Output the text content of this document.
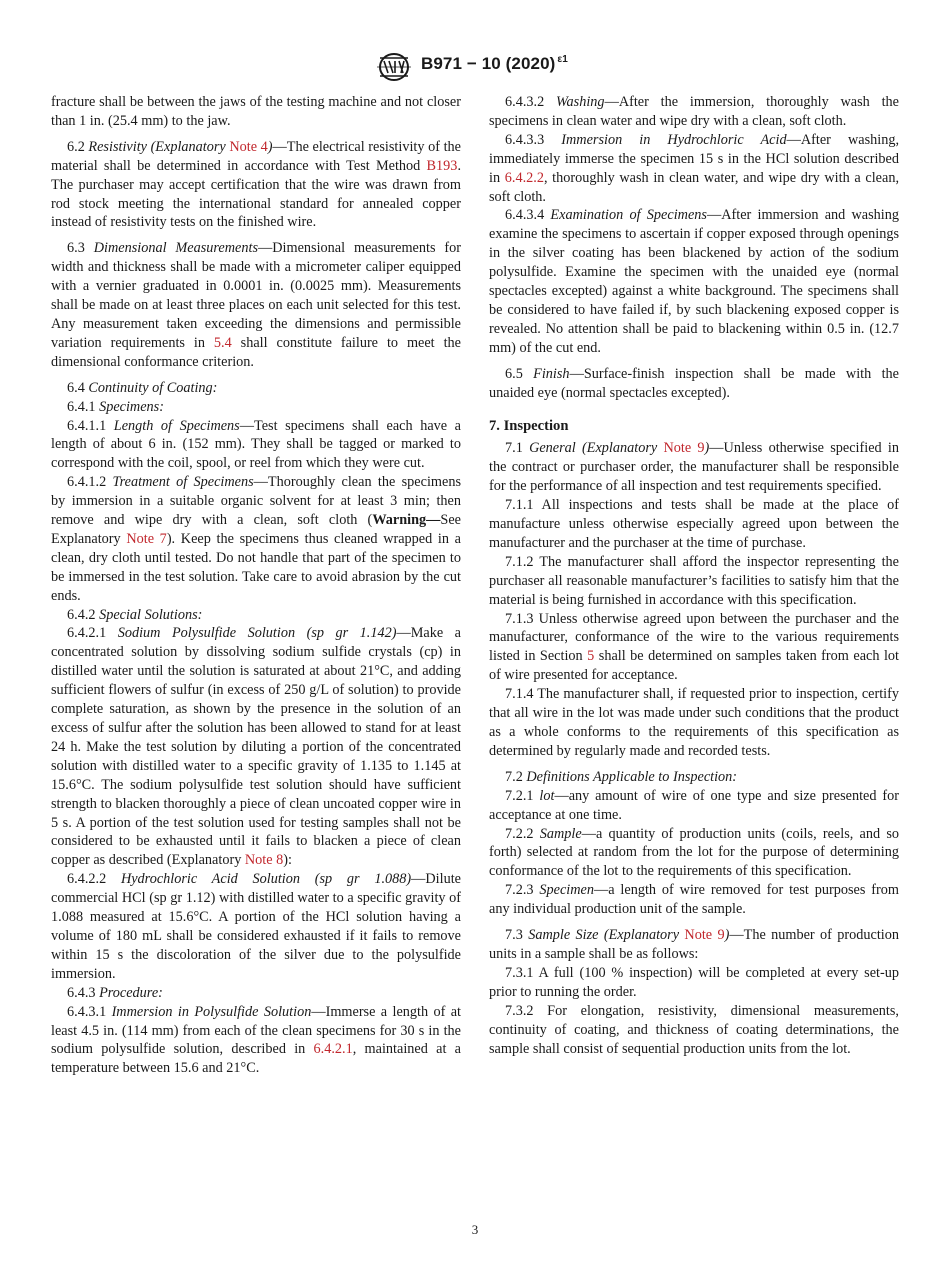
B971 − 10 (2020) $^{\varepsilon 1}$

fracture shall be between the jaws of the testing machine and not closer than 1 in. (25.4 mm) to the jaw.

6.2 Resistivity (Explanatory Note 4)—The electrical resistivity of the material shall be determined in accordance with Test Method B193. The purchaser may accept certification that the wire was drawn from rod stock meeting the international standard for annealed copper instead of resistivity tests on the finished wire.

6.3 Dimensional Measurements—Dimensional measurements for width and thickness shall be made with a micrometer caliper equipped with a vernier graduated in 0.0001 in. (0.0025 mm). Measurements shall be made on at least three places on each unit selected for this test. Any measurement taken exceeding the dimensions and permissible variation requirements in 5.4 shall constitute failure to meet the dimensional conformance criterion.

6.4 Continuity of Coating:

6.4.1 Specimens:

6.4.1.1 Length of Specimens—Test specimens shall each have a length of about 6 in. (152 mm). They shall be tagged or marked to correspond with the coil, spool, or reel from which they were cut.

6.4.1.2 Treatment of Specimens—Thoroughly clean the specimens by immersion in a suitable organic solvent for at least 3 min; then remove and wipe dry with a clean, soft cloth (Warning—See Explanatory Note 7). Keep the specimens thus cleaned wrapped in a clean, dry cloth until tested. Do not handle that part of the specimen to be immersed in the test solution. Take care to avoid abrasion by the cut ends.

6.4.2 Special Solutions:

6.4.2.1 Sodium Polysulfide Solution (sp gr 1.142)—Make a concentrated solution by dissolving sodium sulfide crystals (cp) in distilled water until the solution is saturated at about 21°C, and adding sufficient flowers of sulfur (in excess of 250 g/L of solution) to provide complete saturation, as shown by the presence in the solution of an excess of sulfur after the solution has been allowed to stand for at least 24 h. Make the test solution by diluting a portion of the concentrated solution with distilled water to a specific gravity of 1.135 to 1.145 at 15.6°C. The sodium polysulfide test solution should have sufficient strength to blacken thoroughly a piece of clean uncoated copper wire in 5 s. A portion of the test solution used for testing samples shall not be considered to be exhausted until it fails to blacken a piece of clean copper as described (Explanatory Note 8):

6.4.2.2 Hydrochloric Acid Solution (sp gr 1.088)—Dilute commercial HCl (sp gr 1.12) with distilled water to a specific gravity of 1.088 measured at 15.6°C. A portion of the HCl solution having a volume of 180 mL shall be considered exhausted if it fails to remove within 15 s the discoloration of the silver due to the polysulfide immersion.

6.4.3 Procedure:

6.4.3.1 Immersion in Polysulfide Solution—Immerse a length of at least 4.5 in. (114 mm) from each of the clean specimens for 30 s in the sodium polysulfide solution, described in 6.4.2.1, maintained at a temperature between 15.6 and 21°C.

6.4.3.2 Washing—After the immersion, thoroughly wash the specimens in clean water and wipe dry with a clean, soft cloth.

6.4.3.3 Immersion in Hydrochloric Acid—After washing, immediately immerse the specimen 15 s in the HCl solution described in 6.4.2.2, thoroughly wash in clean water, and wipe dry with a clean, soft cloth.

6.4.3.4 Examination of Specimens—After immersion and washing examine the specimens to ascertain if copper exposed through openings in the silver coating has been blackened by action of the sodium polysulfide. Examine the specimen with the unaided eye (normal spectacles excepted) against a white background. The specimens shall be considered to have failed if, by such blackening exposed copper is revealed. No attention shall be paid to blackening within 0.5 in. (12.7 mm) of the cut end.

6.5 Finish—Surface-finish inspection shall be made with the unaided eye (normal spectacles excepted).

7. Inspection

7.1 General (Explanatory Note 9)—Unless otherwise specified in the contract or purchaser order, the manufacturer shall be responsible for the performance of all inspection and test requirements specified.

7.1.1 All inspections and tests shall be made at the place of manufacture unless otherwise especially agreed upon between the manufacturer and the purchaser at the time of purchase.

7.1.2 The manufacturer shall afford the inspector representing the purchaser all reasonable manufacturer’s facilities to satisfy him that the material is being furnished in accordance with this specification.

7.1.3 Unless otherwise agreed upon between the purchaser and the manufacturer, conformance of the wire to the various requirements listed in Section 5 shall be determined on samples taken from each lot of wire presented for acceptance.

7.1.4 The manufacturer shall, if requested prior to inspection, certify that all wire in the lot was made under such conditions that the product as a whole conforms to the requirements of this specification as determined by regularly made and recorded tests.

7.2 Definitions Applicable to Inspection:

7.2.1 lot—any amount of wire of one type and size presented for acceptance at one time.

7.2.2 Sample—a quantity of production units (coils, reels, and so forth) selected at random from the lot for the purpose of determining conformance of the lot to the requirements of this specification.

7.2.3 Specimen—a length of wire removed for test purposes from any individual production unit of the sample.

7.3 Sample Size (Explanatory Note 9)—The number of production units in a sample shall be as follows:

7.3.1 A full (100 % inspection) will be completed at every set-up prior to running the order.

7.3.2 For elongation, resistivity, dimensional measurements, continuity of coating, and thickness of coating determinations, the sample shall consist of sequential production units from the lot.

3
